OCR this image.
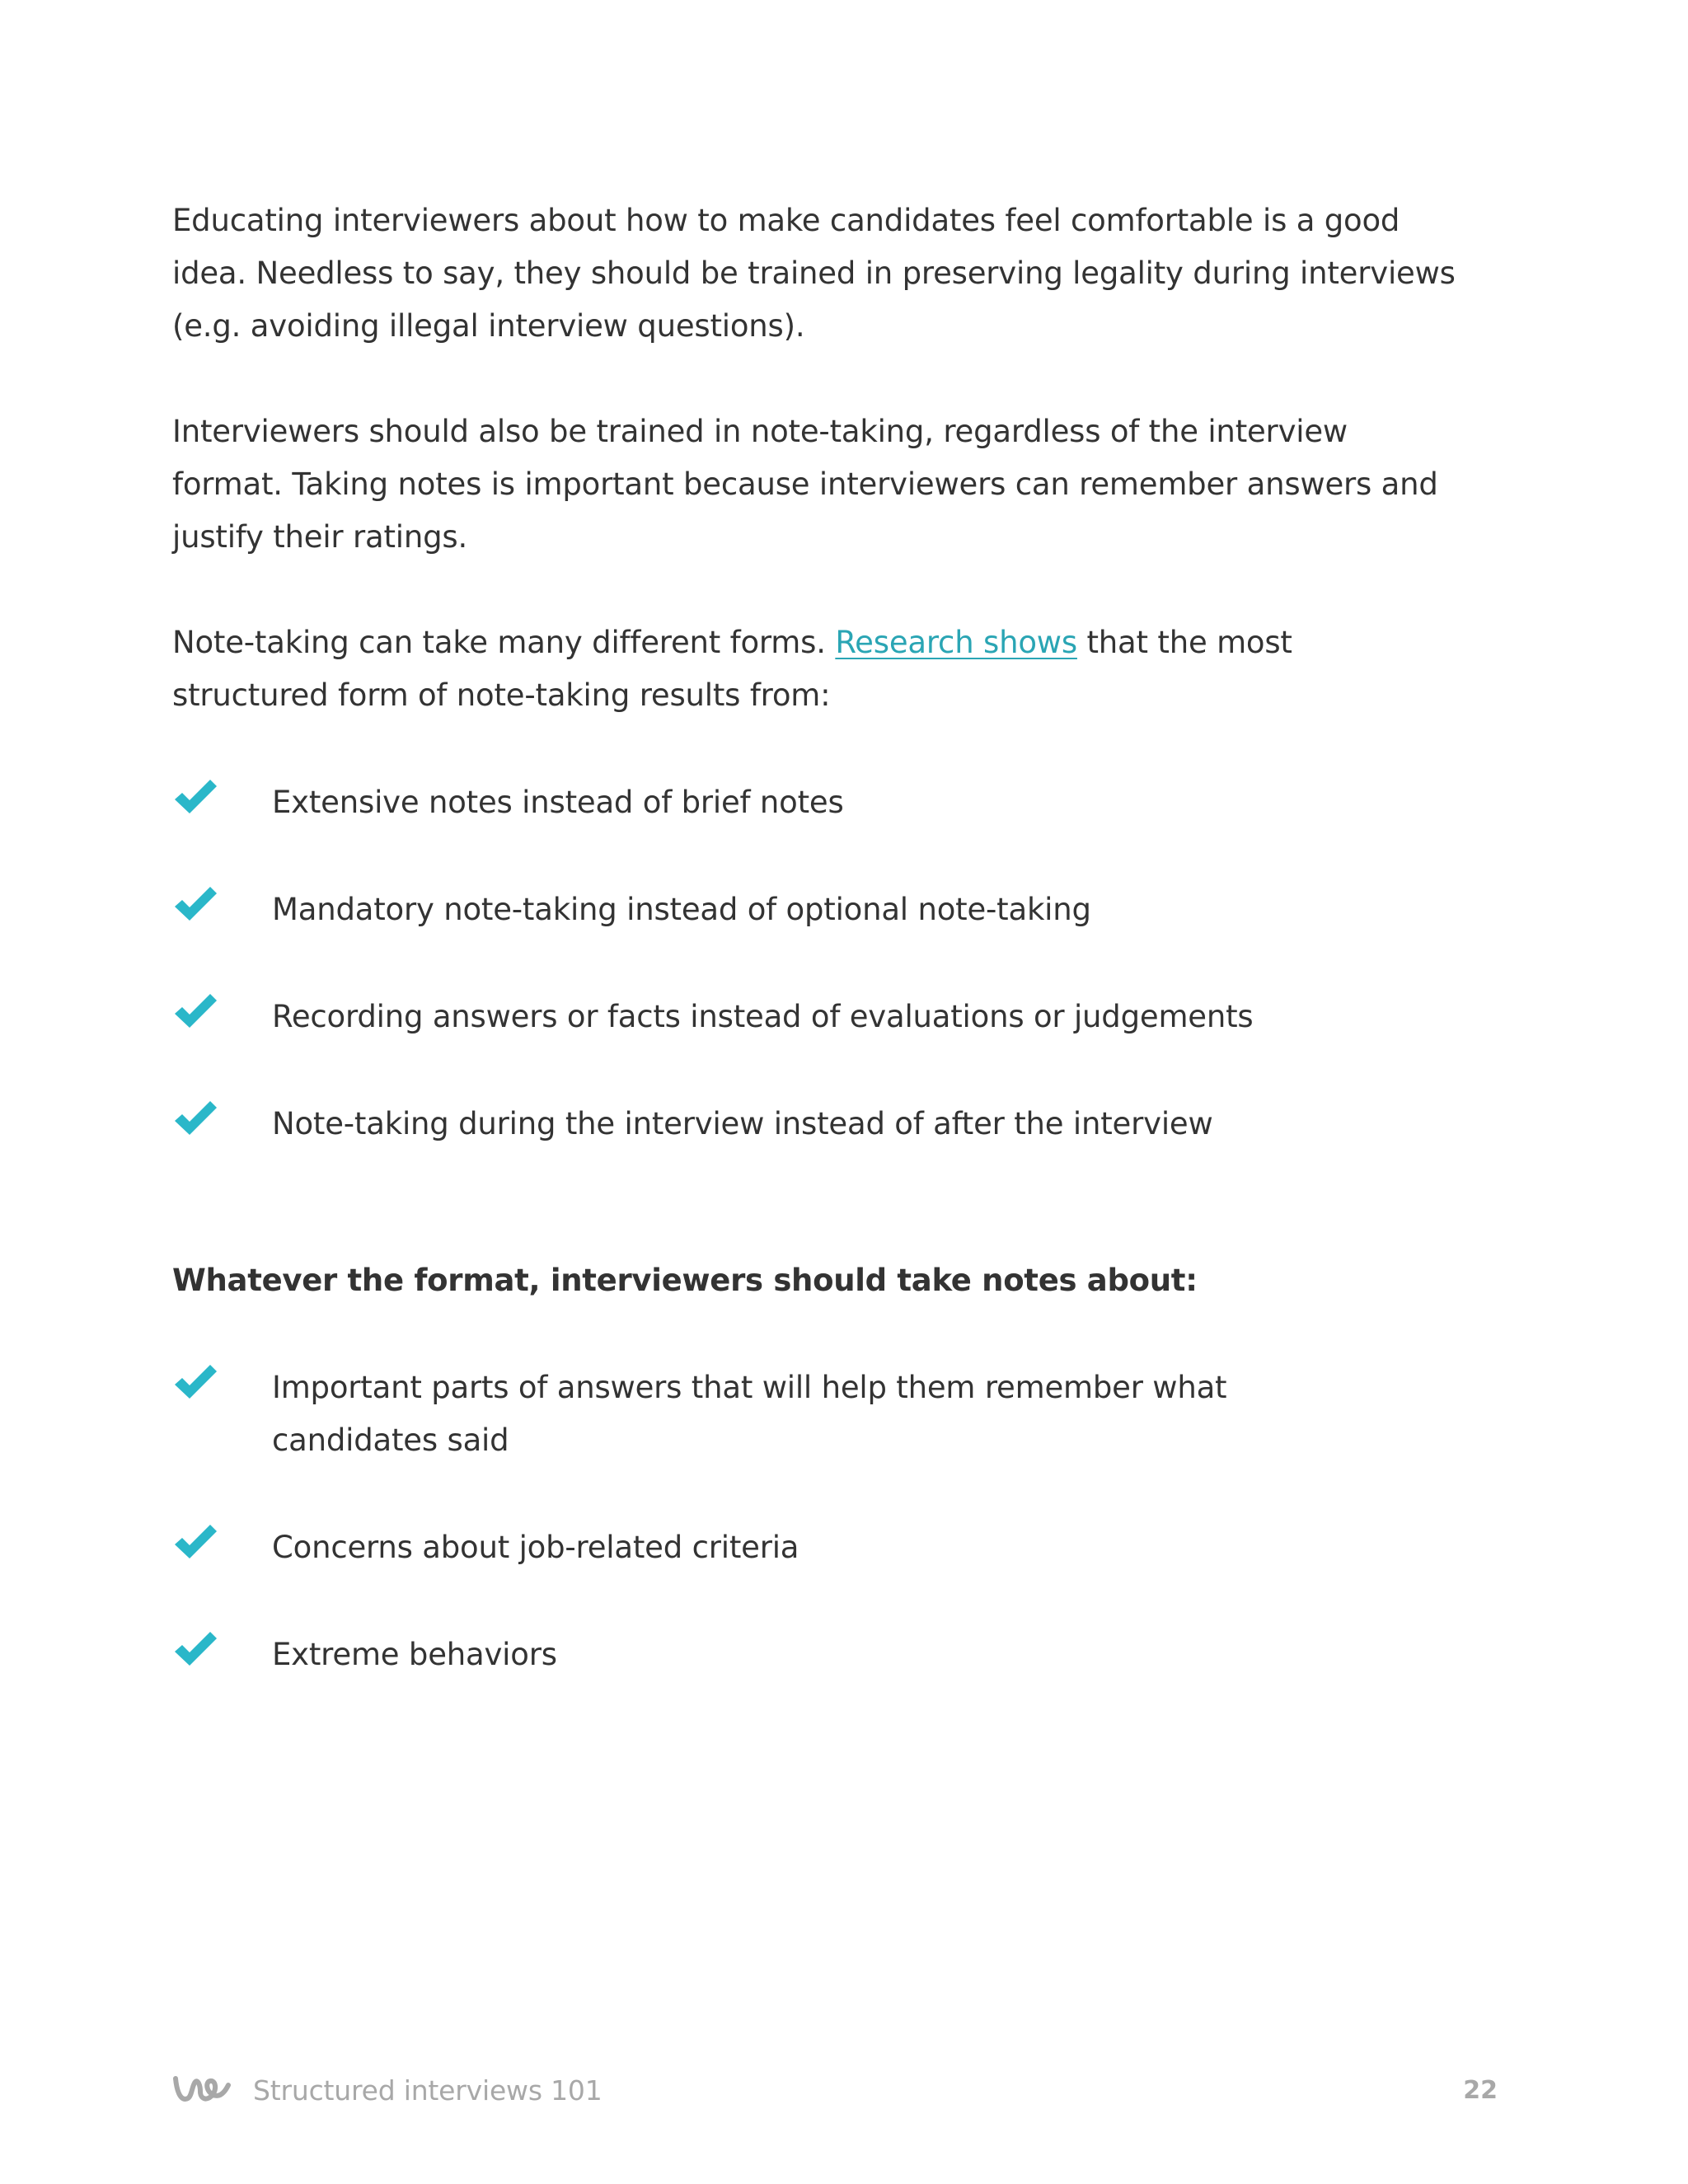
Educating interviewers about how to make candidates feel comfortable is a good idea. Needless to say, they should be trained in preserving legality during interviews (e.g. avoiding illegal interview questions).

Interviewers should also be trained in note-taking, regardless of the interview format. Taking notes is important because interviewers can remember answers and justify their ratings.

Note-taking can take many different forms. Research shows that the most structured form of note-taking results from:

Extensive notes instead of brief notes
Mandatory note-taking instead of optional note-taking
Recording answers or facts instead of evaluations or judgements
Note-taking during the interview instead of after the interview

Whatever the format, interviewers should take notes about:

Important parts of answers that will help them remember what candidates said
Concerns about job-related criteria
Extreme behaviors
Structured interviews 101	22
